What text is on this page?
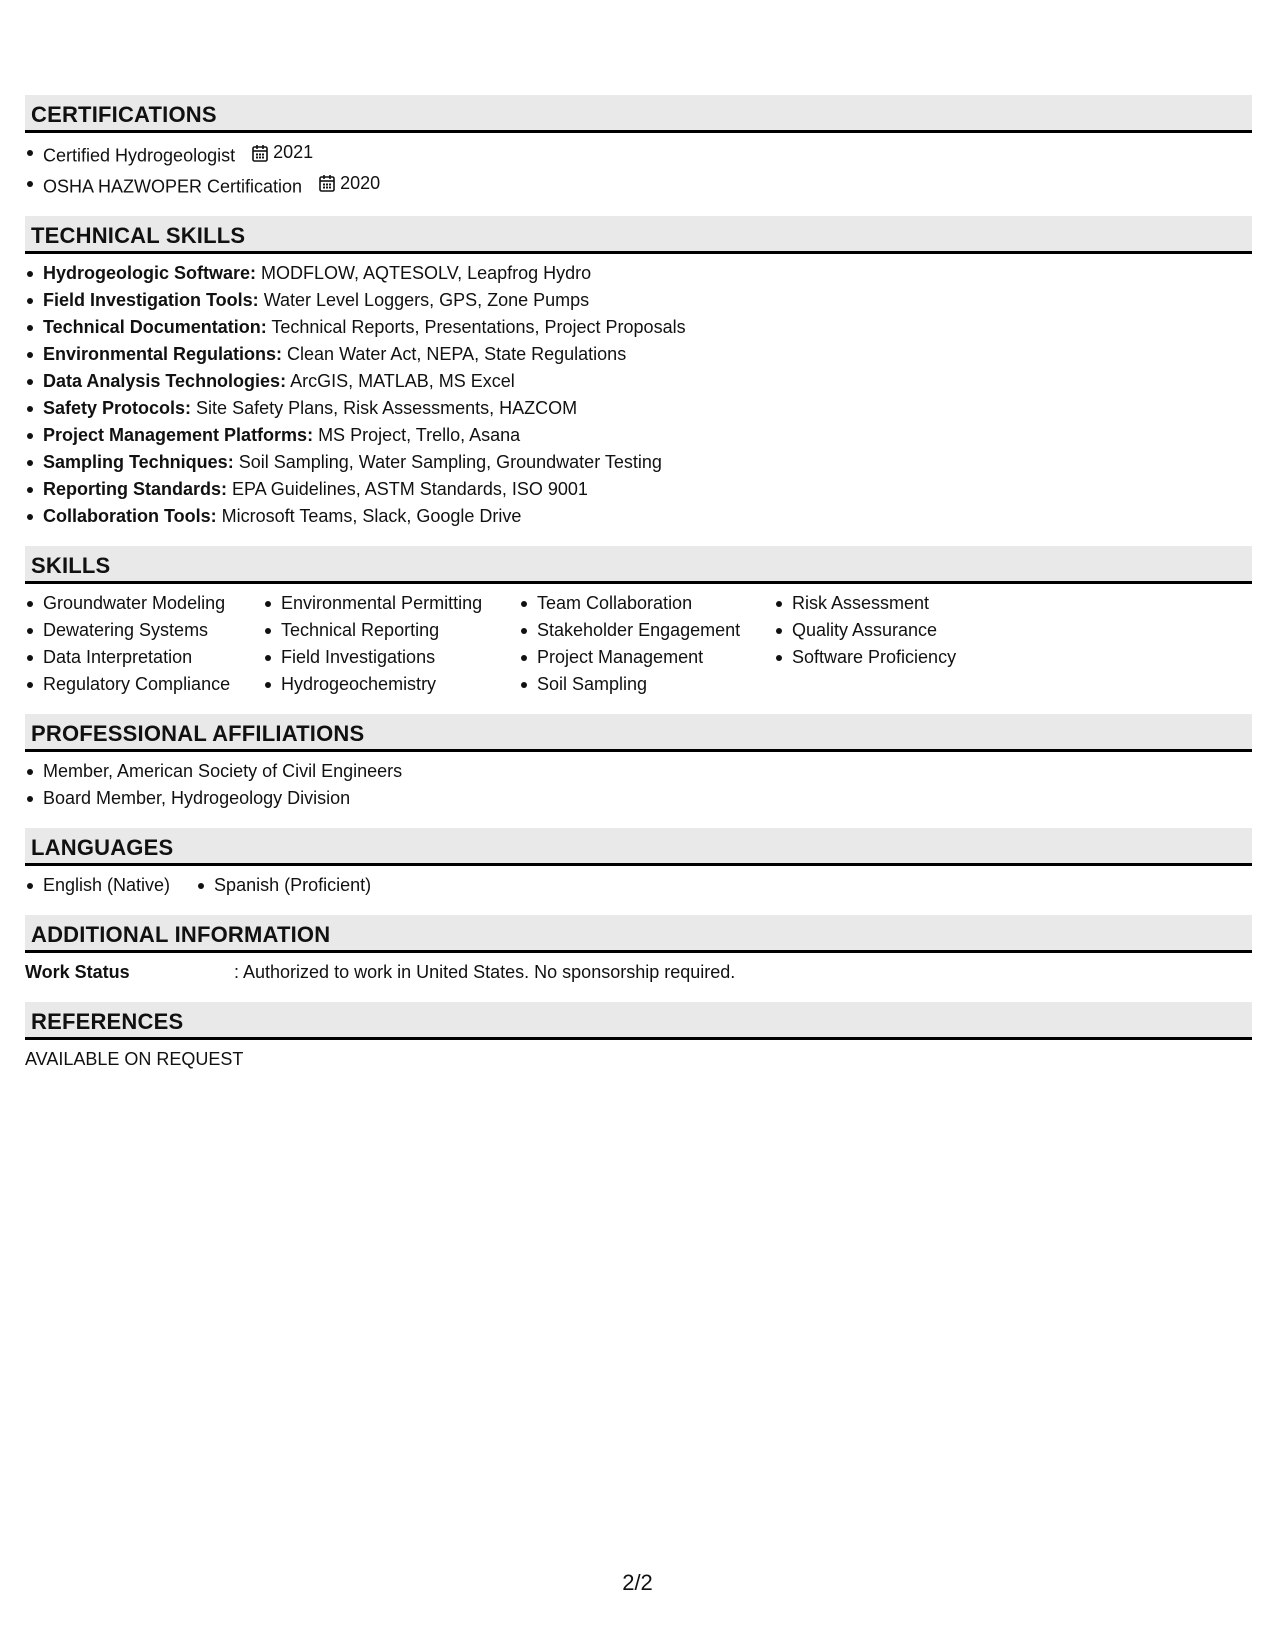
CERTIFICATIONS
Certified Hydrogeologist 2021
OSHA HAZWOPER Certification 2020
TECHNICAL SKILLS
Hydrogeologic Software: MODFLOW, AQTESOLV, Leapfrog Hydro
Field Investigation Tools: Water Level Loggers, GPS, Zone Pumps
Technical Documentation: Technical Reports, Presentations, Project Proposals
Environmental Regulations: Clean Water Act, NEPA, State Regulations
Data Analysis Technologies: ArcGIS, MATLAB, MS Excel
Safety Protocols: Site Safety Plans, Risk Assessments, HAZCOM
Project Management Platforms: MS Project, Trello, Asana
Sampling Techniques: Soil Sampling, Water Sampling, Groundwater Testing
Reporting Standards: EPA Guidelines, ASTM Standards, ISO 9001
Collaboration Tools: Microsoft Teams, Slack, Google Drive
SKILLS
Groundwater Modeling
Dewatering Systems
Data Interpretation
Regulatory Compliance
Environmental Permitting
Technical Reporting
Field Investigations
Hydrogeochemistry
Team Collaboration
Stakeholder Engagement
Project Management
Soil Sampling
Risk Assessment
Quality Assurance
Software Proficiency
PROFESSIONAL AFFILIATIONS
Member, American Society of Civil Engineers
Board Member, Hydrogeology Division
LANGUAGES
English (Native)	Spanish (Proficient)
ADDITIONAL INFORMATION
Work Status	: Authorized to work in United States. No sponsorship required.
REFERENCES
AVAILABLE ON REQUEST
2/2
